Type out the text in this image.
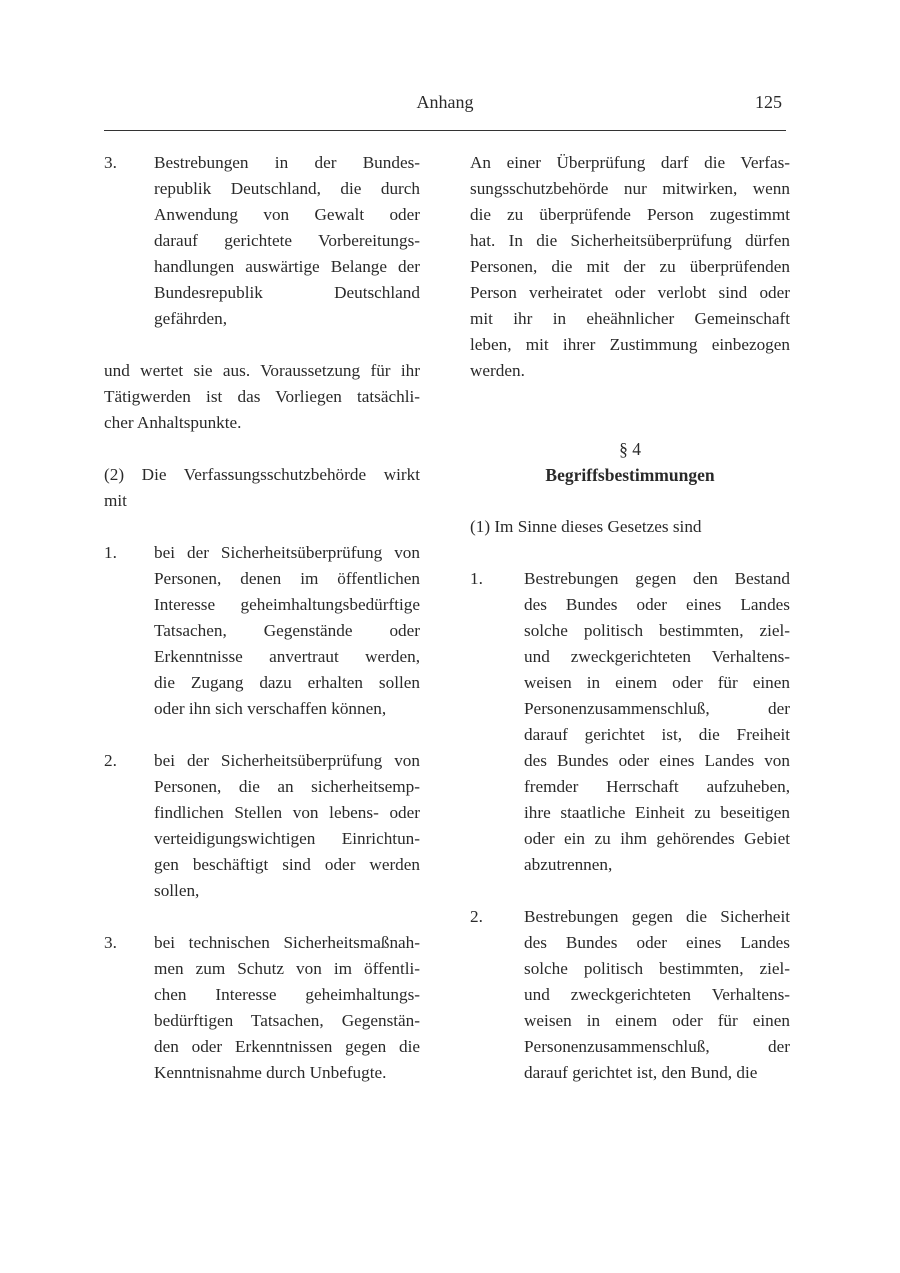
Anhang	125
3. Bestrebungen in der Bundes-
republik Deutschland, die durch
Anwendung von Gewalt oder
darauf gerichtete Vorbereitungs-
handlungen auswärtige Belange der
Bundesrepublik Deutschland
gefährden,
und wertet sie aus. Voraussetzung für ihr
Tätigwerden ist das Vorliegen tatsächli-
cher Anhaltspunkte.
(2) Die Verfassungsschutzbehörde wirkt
mit
1. bei der Sicherheitsüberprüfung von
Personen, denen im öffentlichen
Interesse geheimhaltungsbedürftige
Tatsachen, Gegenstände oder
Erkenntnisse anvertraut werden,
die Zugang dazu erhalten sollen
oder ihn sich verschaffen können,
2. bei der Sicherheitsüberprüfung von
Personen, die an sicherheitsemp-
findlichen Stellen von lebens- oder
verteidigungswichtigen Einrichtun-
gen beschäftigt sind oder werden
sollen,
3. bei technischen Sicherheitsmaßnah-
men zum Schutz von im öffentli-
chen Interesse geheimhaltungs-
bedürftigen Tatsachen, Gegenstän-
den oder Erkenntnissen gegen die
Kenntnisnahme durch Unbefugte.
An einer Überprüfung darf die Verfas-
sungsschutzbehörde nur mitwirken, wenn
die zu überprüfende Person zugestimmt
hat. In die Sicherheitsüberprüfung dürfen
Personen, die mit der zu überprüfenden
Person verheiratet oder verlobt sind oder
mit ihr in eheähnlicher Gemeinschaft
leben, mit ihrer Zustimmung einbezogen
werden.
§ 4
Begriffsbestimmungen
(1) Im Sinne dieses Gesetzes sind
1. Bestrebungen gegen den Bestand
des Bundes oder eines Landes
solche politisch bestimmten, ziel-
und zweckgerichteten Verhaltens-
weisen in einem oder für einen
Personenzusammenschluß, der
darauf gerichtet ist, die Freiheit
des Bundes oder eines Landes von
fremder Herrschaft aufzuheben,
ihre staatliche Einheit zu beseitigen
oder ein zu ihm gehörendes Gebiet
abzutrennen,
2. Bestrebungen gegen die Sicherheit
des Bundes oder eines Landes
solche politisch bestimmten, ziel-
und zweckgerichteten Verhaltens-
weisen in einem oder für einen
Personenzusammenschluß, der
darauf gerichtet ist, den Bund, die
